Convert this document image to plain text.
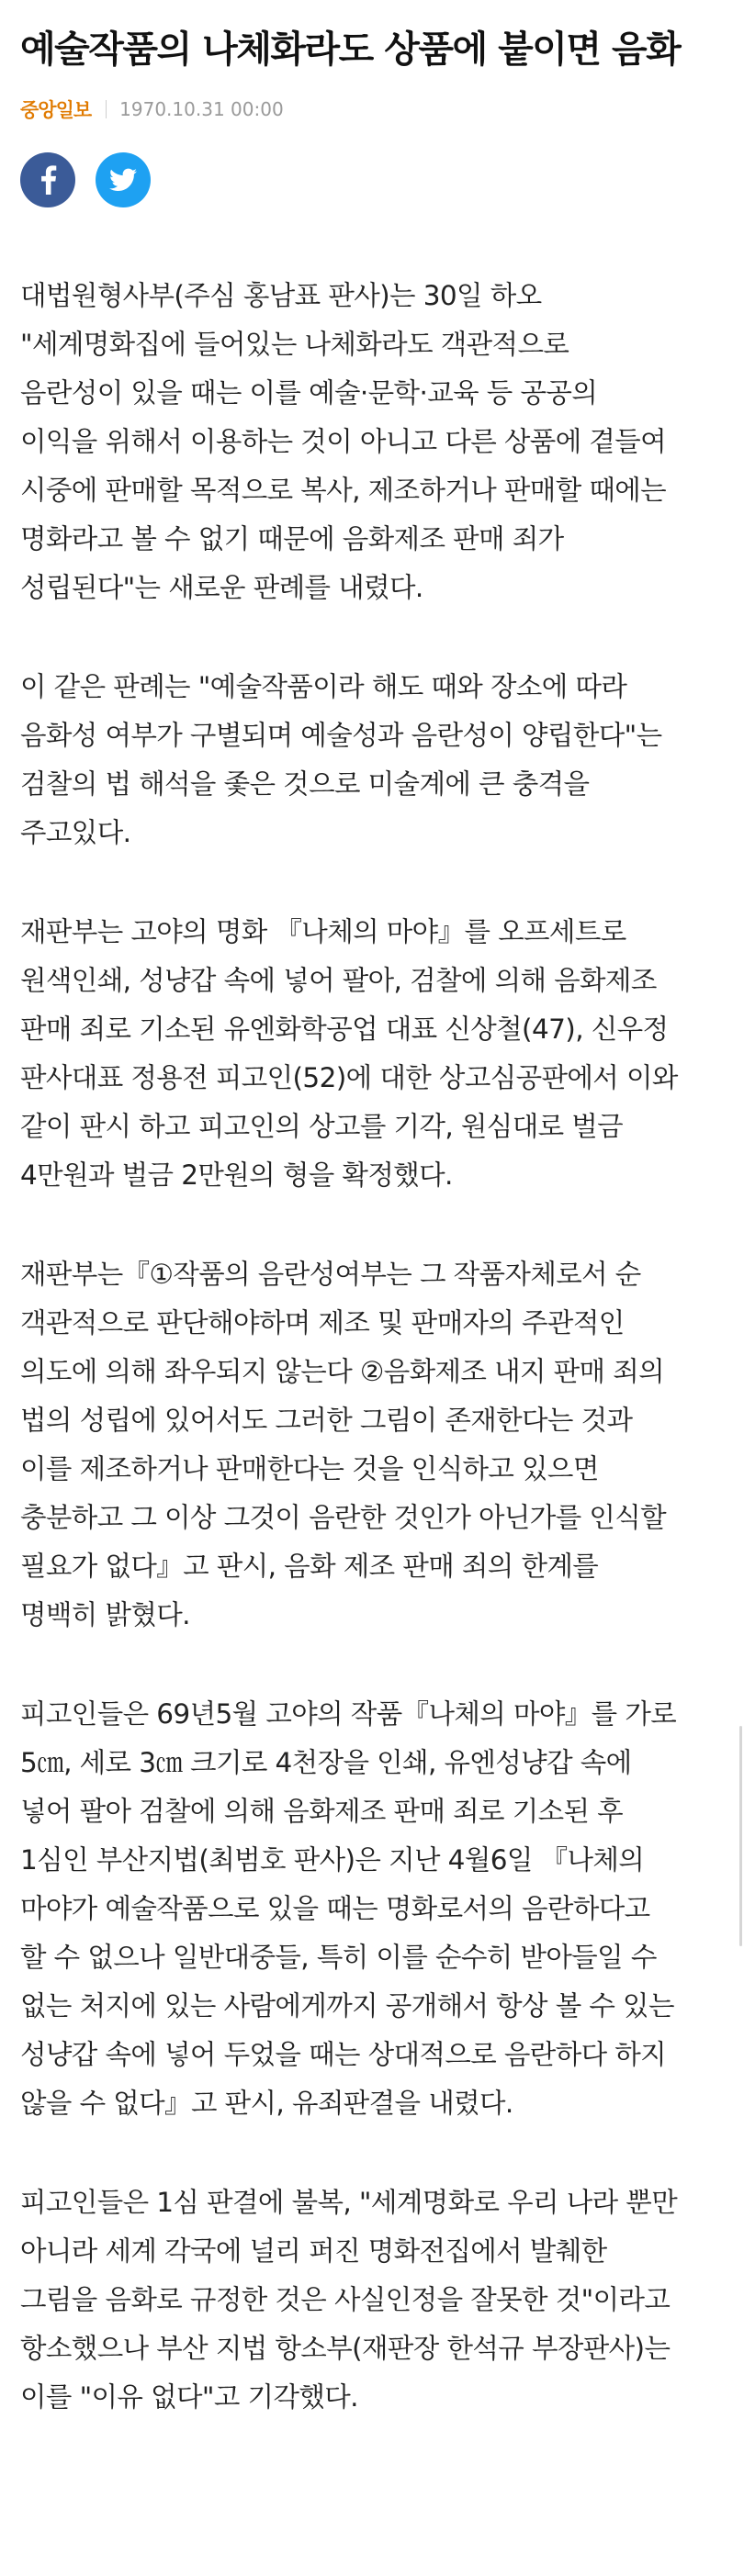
예술작품의 나체화라도 상품에 붙이면 음화
중앙일보 1970.10.31 00:00

대법원형사부(주심 홍남표 판사)는 30일 하오
"세계명화집에 들어있는 나체화라도 객관적으로
음란성이 있을 때는 이를 예술·문학·교육 등 공공의
이익을 위해서 이용하는 것이 아니고 다른 상품에 곁들여
시중에 판매할 목적으로 복사, 제조하거나 판매할 때에는
명화라고 볼 수 없기 때문에 음화제조 판매 죄가
성립된다"는 새로운 판례를 내렸다.

이 같은 판례는 "예술작품이라 해도 때와 장소에 따라
음화성 여부가 구별되며 예술성과 음란성이 양립한다"는
검찰의 법 해석을 좇은 것으로 미술계에 큰 충격을
주고있다.

재판부는 고야의 명화 『나체의 마야』를 오프세트로
원색인쇄, 성냥갑 속에 넣어 팔아, 검찰에 의해 음화제조
판매 죄로 기소된 유엔화학공업 대표 신상철(47), 신우정
판사대표 정용전 피고인(52)에 대한 상고심공판에서 이와
같이 판시 하고 피고인의 상고를 기각, 원심대로 벌금
4만원과 벌금 2만원의 형을 확정했다.

재판부는『①작품의 음란성여부는 그 작품자체로서 순
객관적으로 판단해야하며 제조 및 판매자의 주관적인
의도에 의해 좌우되지 않는다 ②음화제조 내지 판매 죄의
법의 성립에 있어서도 그러한 그림이 존재한다는 것과
이를 제조하거나 판매한다는 것을 인식하고 있으면
충분하고 그 이상 그것이 음란한 것인가 아닌가를 인식할
필요가 없다』고 판시, 음화 제조 판매 죄의 한계를
명백히 밝혔다.

피고인들은 69년5월 고야의 작품『나체의 마야』를 가로
5㎝, 세로 3㎝ 크기로 4천장을 인쇄, 유엔성냥갑 속에
넣어 팔아 검찰에 의해 음화제조 판매 죄로 기소된 후
1심인 부산지법(최범호 판사)은 지난 4월6일 『나체의
마야가 예술작품으로 있을 때는 명화로서의 음란하다고
할 수 없으나 일반대중들, 특히 이를 순수히 받아들일 수
없는 처지에 있는 사람에게까지 공개해서 항상 볼 수 있는
성냥갑 속에 넣어 두었을 때는 상대적으로 음란하다 하지
않을 수 없다』고 판시, 유죄판결을 내렸다.

피고인들은 1심 판결에 불복, "세계명화로 우리 나라 뿐만
아니라 세계 각국에 널리 퍼진 명화전집에서 발췌한
그림을 음화로 규정한 것은 사실인정을 잘못한 것"이라고
항소했으나 부산 지법 항소부(재판장 한석규 부장판사)는
이를 "이유 없다"고 기각했다.
